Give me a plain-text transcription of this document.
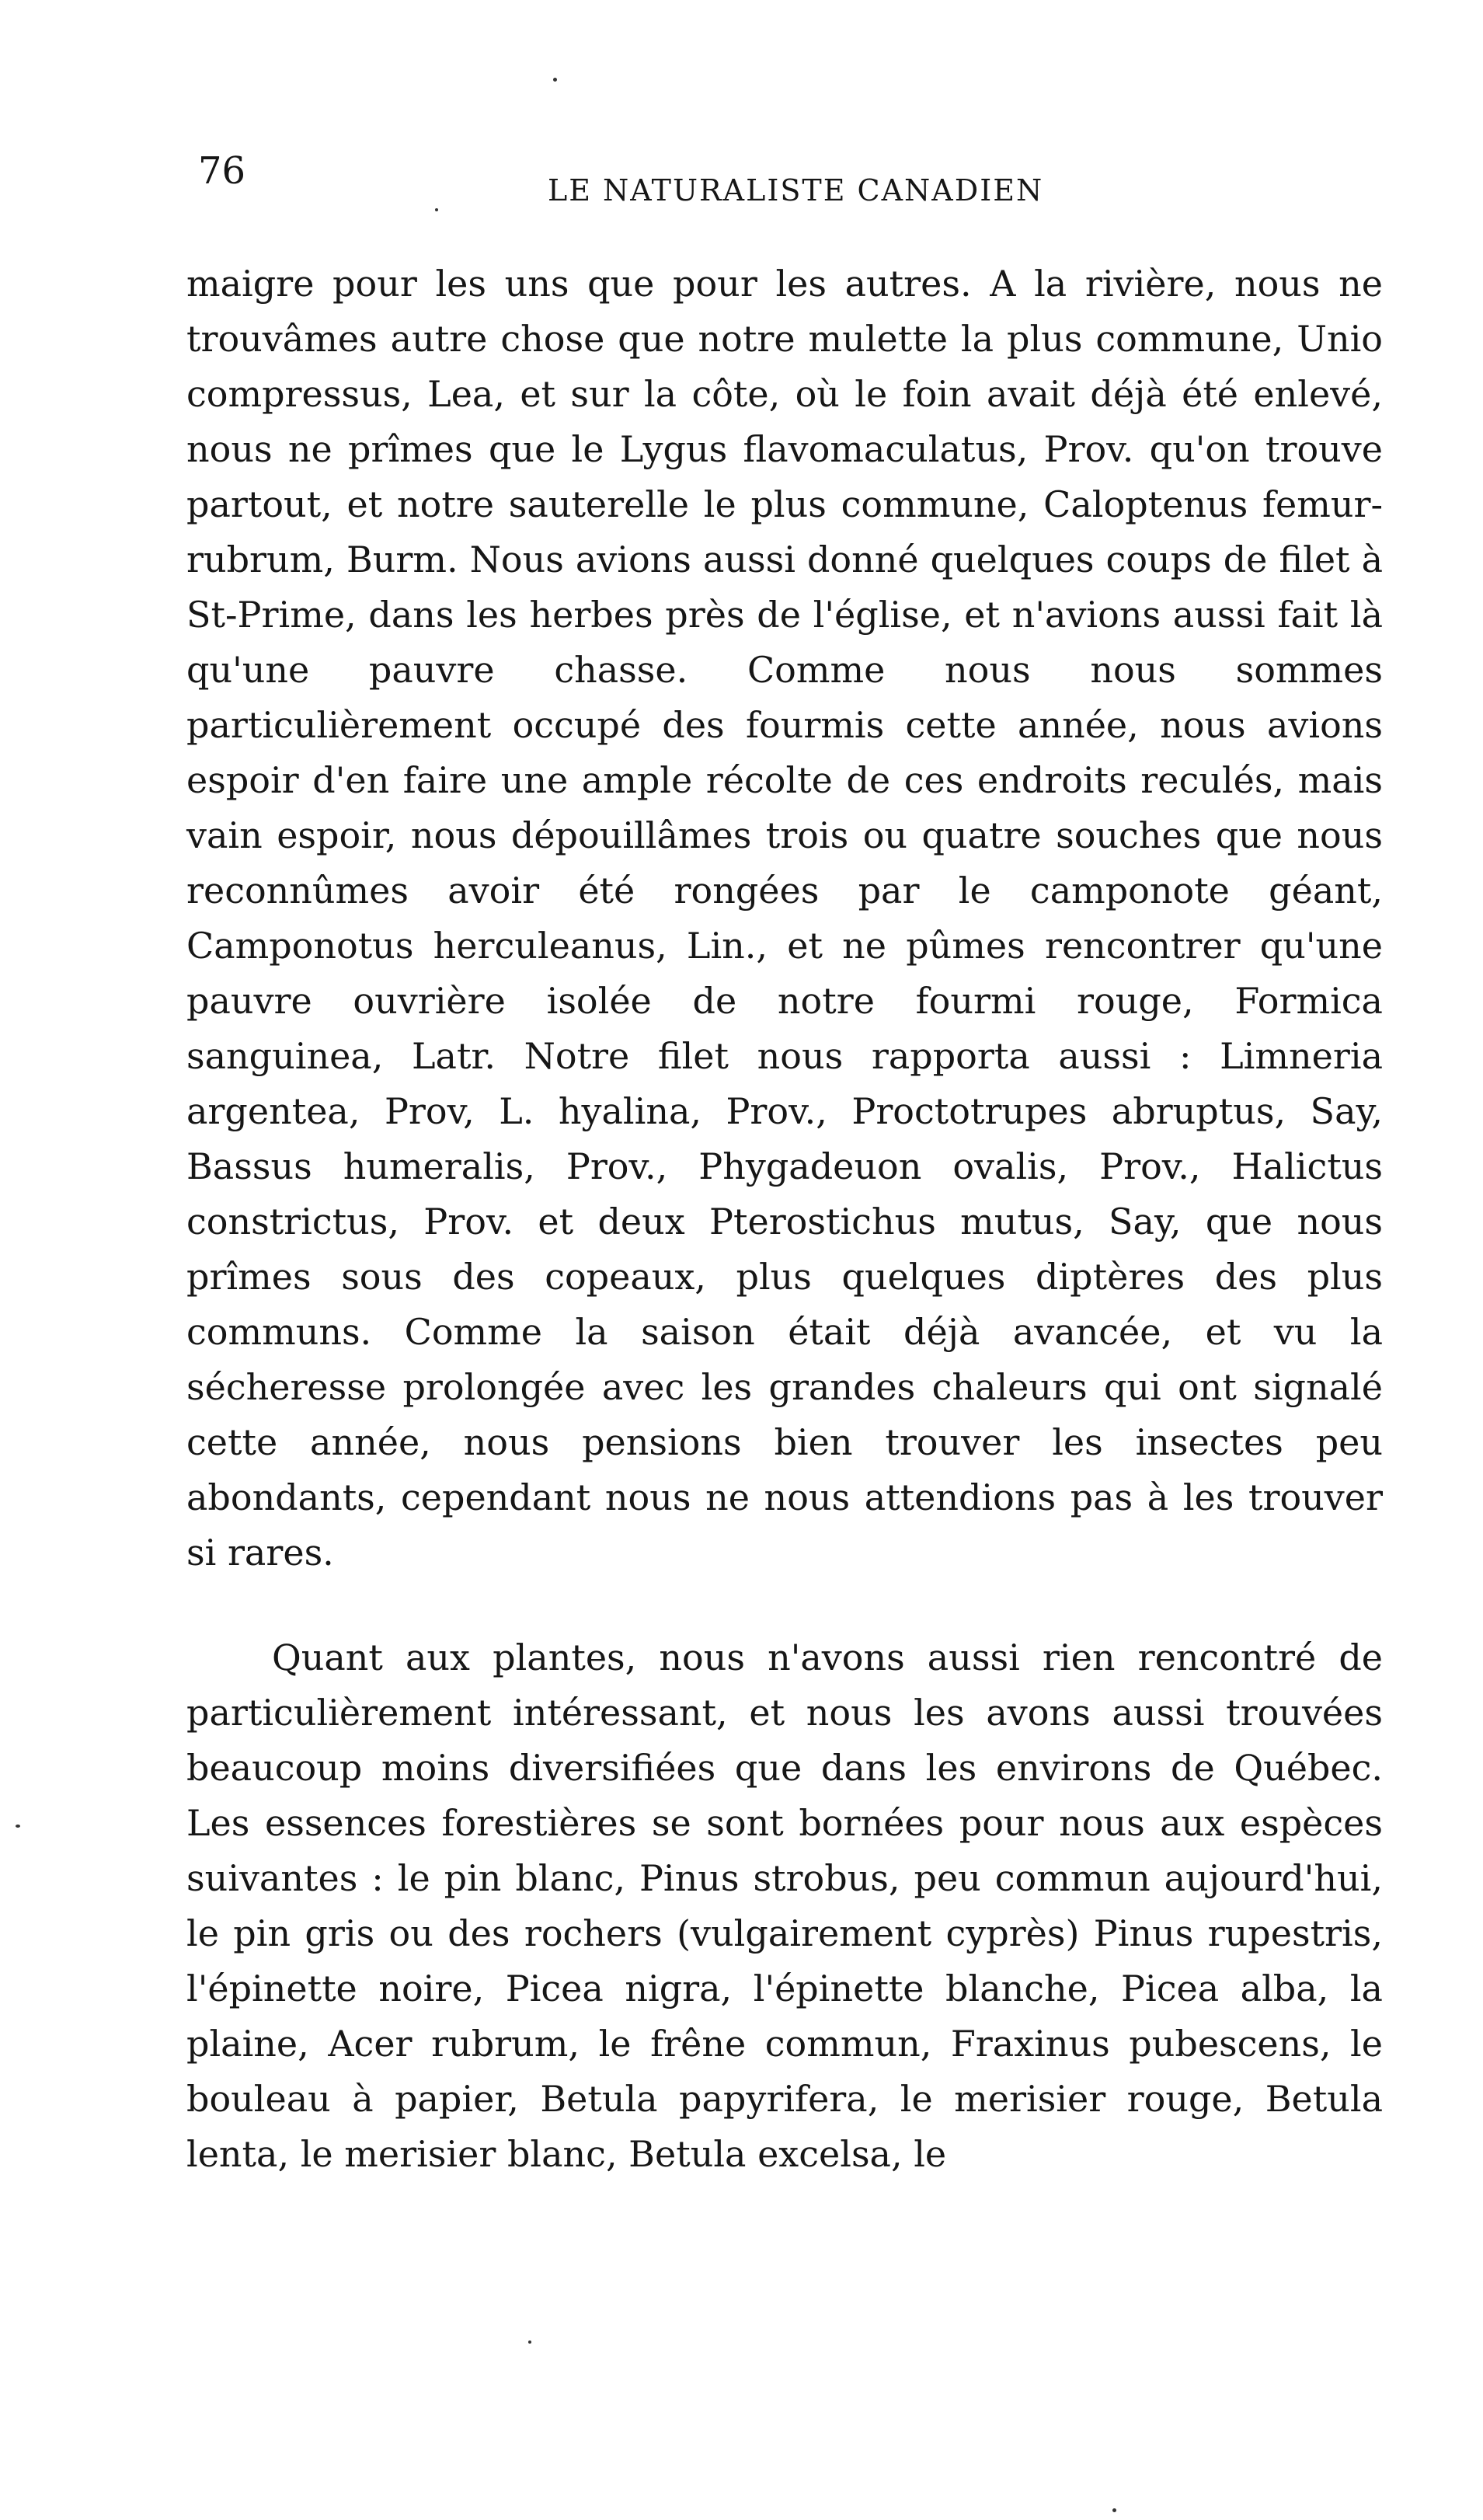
76	LE NATURALISTE CANADIEN

maigre pour les uns que pour les autres. A la rivière, nous ne trouvâmes autre chose que notre mulette la plus commune, Unio compressus, Lea, et sur la côte, où le foin avait déjà été enlevé, nous ne prîmes que le Lygus flavomaculatus, Prov. qu'on trouve partout, et notre sauterelle le plus commune, Caloptenus femur-rubrum, Burm. Nous avions aussi donné quelques coups de filet à St-Prime, dans les herbes près de l'église, et n'avions aussi fait là qu'une pauvre chasse. Comme nous nous sommes particulièrement occupé des fourmis cette année, nous avions espoir d'en faire une ample récolte de ces endroits reculés, mais vain espoir, nous dépouillâmes trois ou quatre souches que nous reconnûmes avoir été rongées par le camponote géant, Camponotus herculeanus, Lin., et ne pûmes rencontrer qu'une pauvre ouvrière isolée de notre fourmi rouge, Formica sanguinea, Latr. Notre filet nous rapporta aussi : Limneria argentea, Prov, L. hyalina, Prov., Proctotrupes abruptus, Say, Bassus humeralis, Prov., Phygadeuon ovalis, Prov., Halictus constrictus, Prov. et deux Pterostichus mutus, Say, que nous prîmes sous des copeaux, plus quelques diptères des plus communs. Comme la saison était déjà avancée, et vu la sécheresse prolongée avec les grandes chaleurs qui ont signalé cette année, nous pensions bien trouver les insectes peu abondants, cependant nous ne nous attendions pas à les trouver si rares.

Quant aux plantes, nous n'avons aussi rien rencontré de particulièrement intéressant, et nous les avons aussi trouvées beaucoup moins diversifiées que dans les environs de Québec. Les essences forestières se sont bornées pour nous aux espèces suivantes : le pin blanc, Pinus strobus, peu commun aujourd'hui, le pin gris ou des rochers (vulgairement cyprès) Pinus rupestris, l'épinette noire, Picea nigra, l'épinette blanche, Picea alba, la plaine, Acer rubrum, le frêne commun, Fraxinus pubescens, le bouleau à papier, Betula papyrifera, le merisier rouge, Betula lenta, le merisier blanc, Betula excelsa, le
